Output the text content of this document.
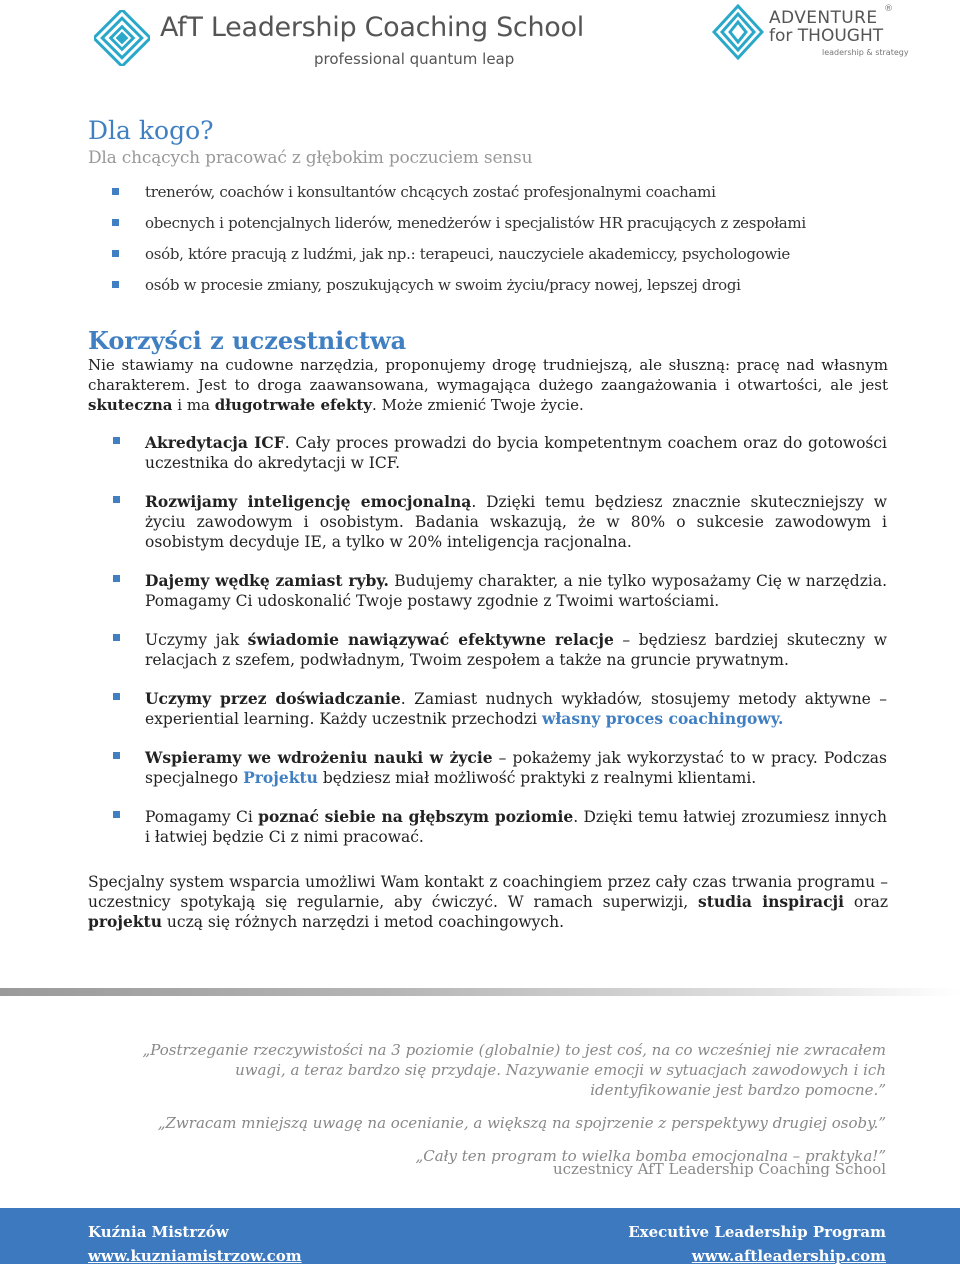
AfT Leadership Coaching School
professional quantum leap
ADVENTURE ®
for THOUGHT
leadership & strategy
Dla kogo?
Dla chcących pracować z głębokim poczuciem sensu
trenerów, coachów i konsultantów chcących zostać profesjonalnymi coachami
obecnych i potencjalnych liderów, menedżerów i specjalistów HR pracujących z zespołami
osób, które pracują z ludźmi, jak np.: terapeuci, nauczyciele akademiccy, psychologowie
osób w procesie zmiany, poszukujących w swoim życiu/pracy nowej, lepszej drogi
Korzyści z uczestnictwa
Nie stawiamy na cudowne narzędzia, proponujemy drogę trudniejszą, ale słuszną: pracę nad własnym charakterem. Jest to droga zaawansowana, wymagająca dużego zaangażowania i otwartości, ale jest skuteczna i ma długotrwałe efekty. Może zmienić Twoje życie.
Akredytacja ICF. Cały proces prowadzi do bycia kompetentnym coachem oraz do gotowości uczestnika do akredytacji w ICF.
Rozwijamy inteligencję emocjonalną. Dzięki temu będziesz znacznie skuteczniejszy w życiu zawodowym i osobistym. Badania wskazują, że w 80% o sukcesie zawodowym i osobistym decyduje IE, a tylko w 20% inteligencja racjonalna.
Dajemy wędkę zamiast ryby. Budujemy charakter, a nie tylko wyposażamy Cię w narzędzia. Pomagamy Ci udoskonalić Twoje postawy zgodnie z Twoimi wartościami.
Uczymy jak świadomie nawiązywać efektywne relacje – będziesz bardziej skuteczny w relacjach z szefem, podwładnym, Twoim zespołem a także na gruncie prywatnym.
Uczymy przez doświadczanie. Zamiast nudnych wykładów, stosujemy metody aktywne – experiential learning. Każdy uczestnik przechodzi własny proces coachingowy.
Wspieramy we wdrożeniu nauki w życie – pokażemy jak wykorzystać to w pracy. Podczas specjalnego Projektu będziesz miał możliwość praktyki z realnymi klientami.
Pomagamy Ci poznać siebie na głębszym poziomie. Dzięki temu łatwiej zrozumiesz innych i łatwiej będzie Ci z nimi pracować.
Specjalny system wsparcia umożliwi Wam kontakt z coachingiem przez cały czas trwania programu – uczestnicy spotykają się regularnie, aby ćwiczyć. W ramach superwizji, studia inspiracji oraz projektu uczą się różnych narzędzi i metod coachingowych.

„Postrzeganie rzeczywistości na 3 poziomie (globalnie) to jest coś, na co wcześniej nie zwracałem uwagi, a teraz bardzo się przydaje. Nazywanie emocji w sytuacjach zawodowych i ich identyfikowanie jest bardzo pomocne.”

„Zwracam mniejszą uwagę na ocenianie, a większą na spojrzenie z perspektywy drugiej osoby.”

„Cały ten program to wielka bomba emocjonalna – praktyka!”

uczestnicy AfT Leadership Coaching School
Kuźnia Mistrzów
www.kuzniamistrzow.com
Executive Leadership Program
www.aftleadership.com
